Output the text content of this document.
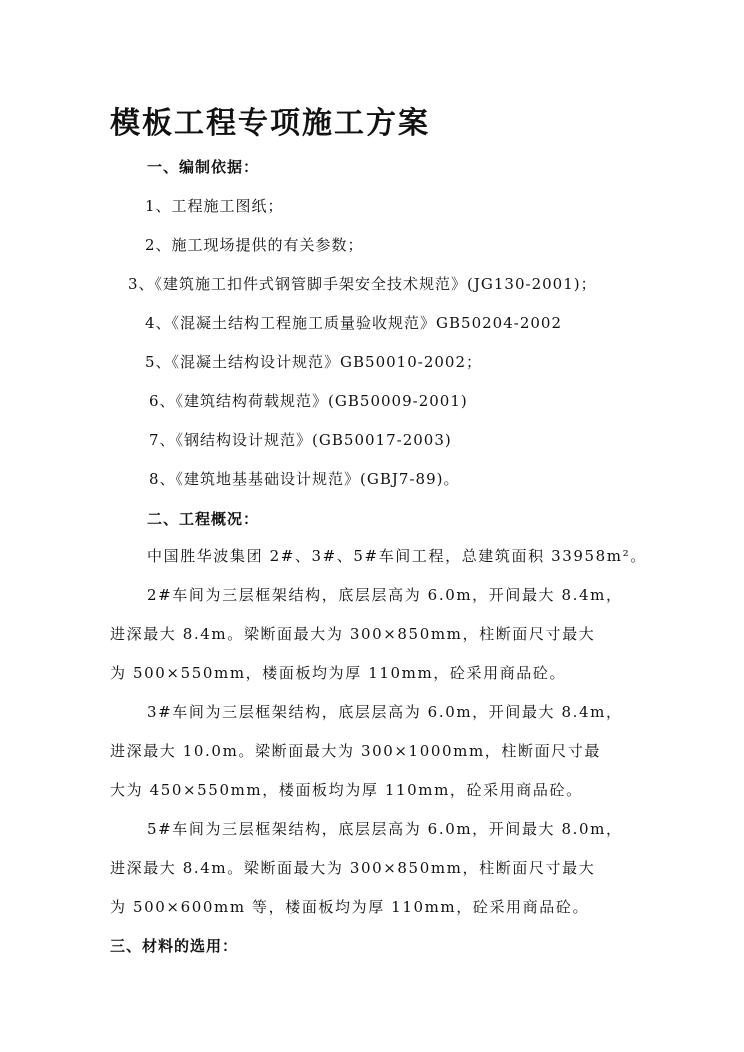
模板工程专项施工方案
一、编制依据：
1、工程施工图纸；
2、施工现场提供的有关参数；
3、《建筑施工扣件式钢管脚手架安全技术规范》(JG130-2001)；
4、《混凝土结构工程施工质量验收规范》GB50204-2002
5、《混凝土结构设计规范》GB50010-2002；
6、《建筑结构荷载规范》(GB50009-2001)
7、《钢结构设计规范》(GB50017-2003)
8、《建筑地基基础设计规范》(GBJ7-89)。
二、工程概况：
中国胜华波集团 2#、3#、5#车间工程，总建筑面积 33958m²。
2#车间为三层框架结构，底层层高为 6.0m，开间最大 8.4m，
进深最大 8.4m。梁断面最大为 300×850mm，柱断面尺寸最大
为 500×550mm，楼面板均为厚 110mm，砼采用商品砼。
3#车间为三层框架结构，底层层高为 6.0m，开间最大 8.4m，
进深最大 10.0m。梁断面最大为 300×1000mm，柱断面尺寸最
大为 450×550mm，楼面板均为厚 110mm，砼采用商品砼。
5#车间为三层框架结构，底层层高为 6.0m，开间最大 8.0m，
进深最大 8.4m。梁断面最大为 300×850mm，柱断面尺寸最大
为 500×600mm 等，楼面板均为厚 110mm，砼采用商品砼。
三、材料的选用：
